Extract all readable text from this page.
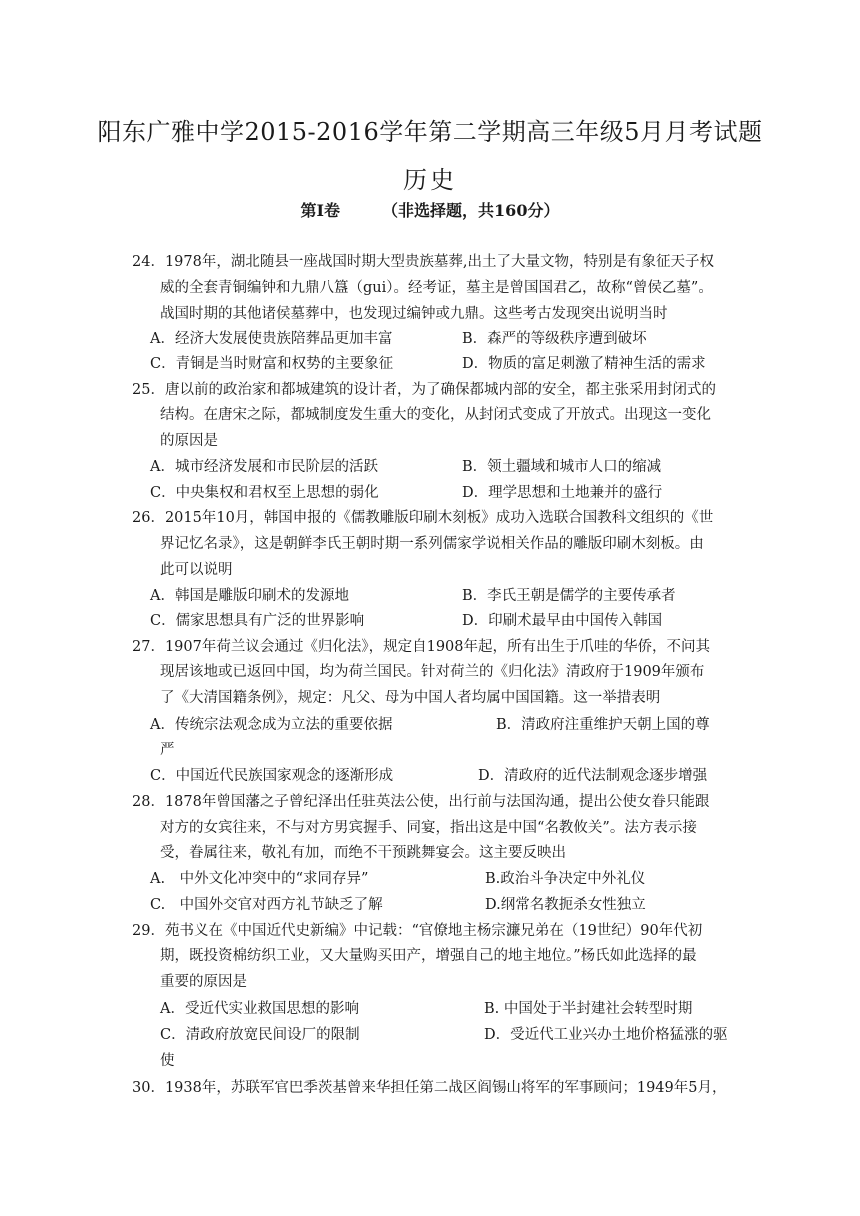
阳东广雅中学2015-2016学年第二学期高三年级5月月考试题
历史
第Ⅰ卷	（非选择题，共160分）
24．1978年，湖北随县一座战国时期大型贵族墓葬,出土了大量文物，特别是有象征天子权
威的全套青铜编钟和九鼎八簋（gui）。经考证，墓主是曾国国君乙，故称“曾侯乙墓”。
战国时期的其他诸侯墓葬中，也发现过编钟或九鼎。这些考古发现突出说明当时
A．经济大发展使贵族陪葬品更加丰富	B．森严的等级秩序遭到破坏
C．青铜是当时财富和权势的主要象征	D．物质的富足刺激了精神生活的需求
25．唐以前的政治家和都城建筑的设计者，为了确保都城内部的安全，都主张采用封闭式的
结构。在唐宋之际，都城制度发生重大的变化，从封闭式变成了开放式。出现这一变化
的原因是
A．城市经济发展和市民阶层的活跃	B．领土疆域和城市人口的缩减
C．中央集权和君权至上思想的弱化	D．理学思想和土地兼并的盛行
26．2015年10月，韩国申报的《儒教雕版印刷木刻板》成功入选联合国教科文组织的《世
界记忆名录》，这是朝鲜李氏王朝时期一系列儒家学说相关作品的雕版印刷木刻板。由
此可以说明
A．韩国是雕版印刷术的发源地	B．李氏王朝是儒学的主要传承者
C．儒家思想具有广泛的世界影响	D．印刷术最早由中国传入韩国
27．1907年荷兰议会通过《归化法》，规定自1908年起，所有出生于爪哇的华侨，不问其
现居该地或已返回中国，均为荷兰国民。针对荷兰的《归化法》清政府于1909年颁布
了《大清国籍条例》，规定：凡父、母为中国人者均属中国国籍。这一举措表明
A．传统宗法观念成为立法的重要依据	B．清政府注重维护天朝上国的尊
严
C．中国近代民族国家观念的逐渐形成	D．清政府的近代法制观念逐步增强
28．1878年曾国藩之子曾纪泽出任驻英法公使，出行前与法国沟通，提出公使女眷只能跟
对方的女宾往来，不与对方男宾握手、同宴，指出这是中国“名教攸关”。法方表示接
受，眷属往来，敬礼有加，而绝不干预跳舞宴会。这主要反映出
A.　中外文化冲突中的“求同存异”	B.政治斗争决定中外礼仪
C.　中国外交官对西方礼节缺乏了解	D.纲常名教扼杀女性独立
29．苑书义在《中国近代史新编》中记载：“官僚地主杨宗濂兄弟在（19世纪）90年代初
期，既投资棉纺织工业，又大量购买田产，增强自己的地主地位。”杨氏如此选择的最
重要的原因是
A．受近代实业救国思想的影响	B. 中国处于半封建社会转型时期
C．清政府放宽民间设厂的限制	D．受近代工业兴办土地价格猛涨的驱
使
30．1938年，苏联军官巴季茨基曾来华担任第二战区阎锡山将军的军事顾问；1949年5月，
